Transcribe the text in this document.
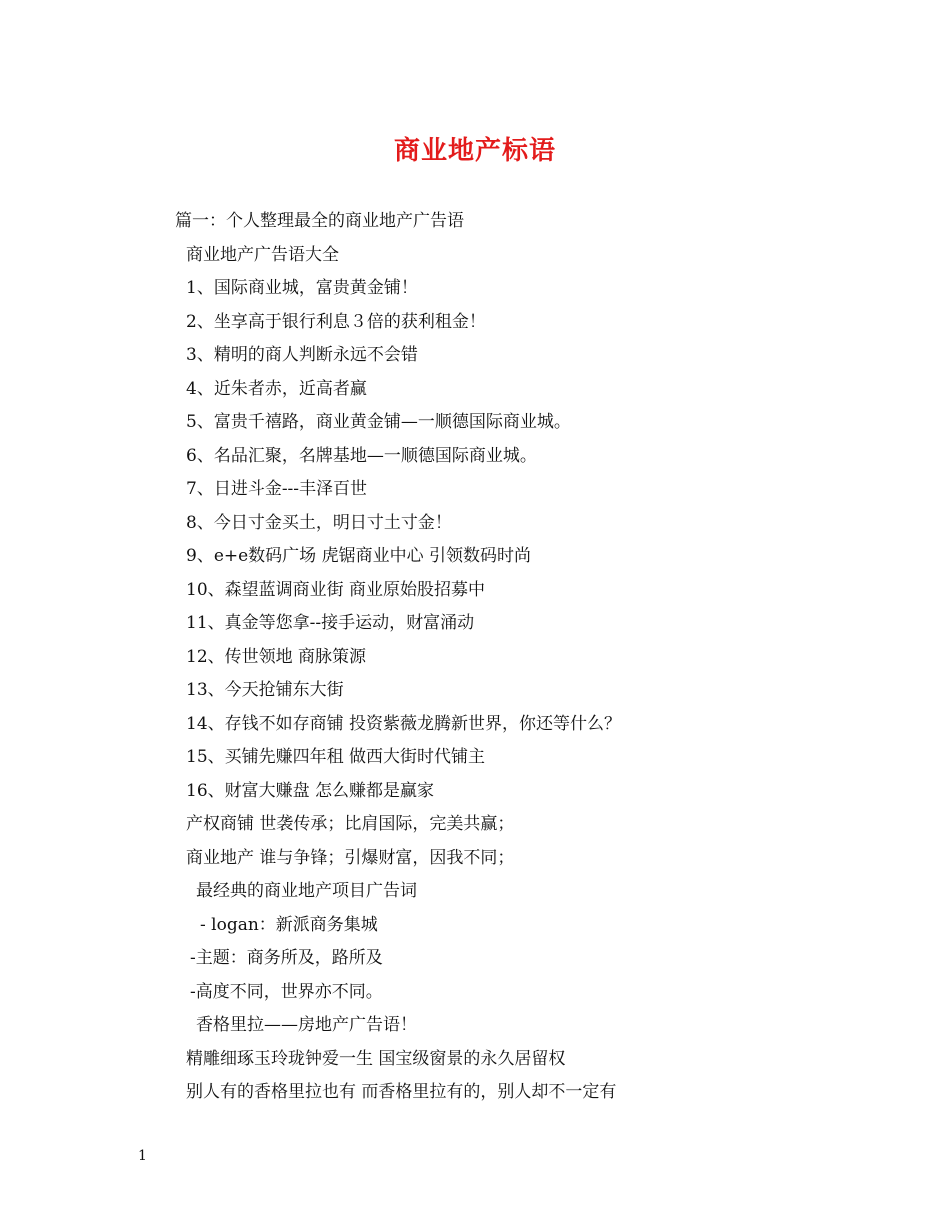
商业地产标语
篇一：个人整理最全的商业地产广告语
商业地产广告语大全
1、国际商业城，富贵黄金铺！
2、坐享高于银行利息３倍的获利租金！
3、精明的商人判断永远不会错
4、近朱者赤，近高者赢
5、富贵千禧路，商业黄金铺—一顺德国际商业城。
6、名品汇聚，名牌基地—一顺德国际商业城。
7、日进斗金---丰泽百世
8、今日寸金买土，明日寸土寸金！
9、e+e数码广场 虎锯商业中心 引领数码时尚
10、森望蓝调商业街 商业原始股招募中
11、真金等您拿--接手运动，财富涌动
12、传世领地 商脉策源
13、今天抢铺东大街
14、存钱不如存商铺 投资紫薇龙腾新世界，你还等什么？
15、买铺先赚四年租 做西大街时代铺主
16、财富大赚盘 怎么赚都是赢家
产权商铺 世袭传承；比肩国际，完美共赢；
商业地产 谁与争锋；引爆财富，因我不同；
最经典的商业地产项目广告词
- logan：新派商务集城
-主题：商务所及，路所及
-高度不同，世界亦不同。
香格里拉——房地产广告语！
精雕细琢玉玲珑钟爱一生 国宝级窗景的永久居留权
别人有的香格里拉也有 而香格里拉有的，别人却不一定有
1
